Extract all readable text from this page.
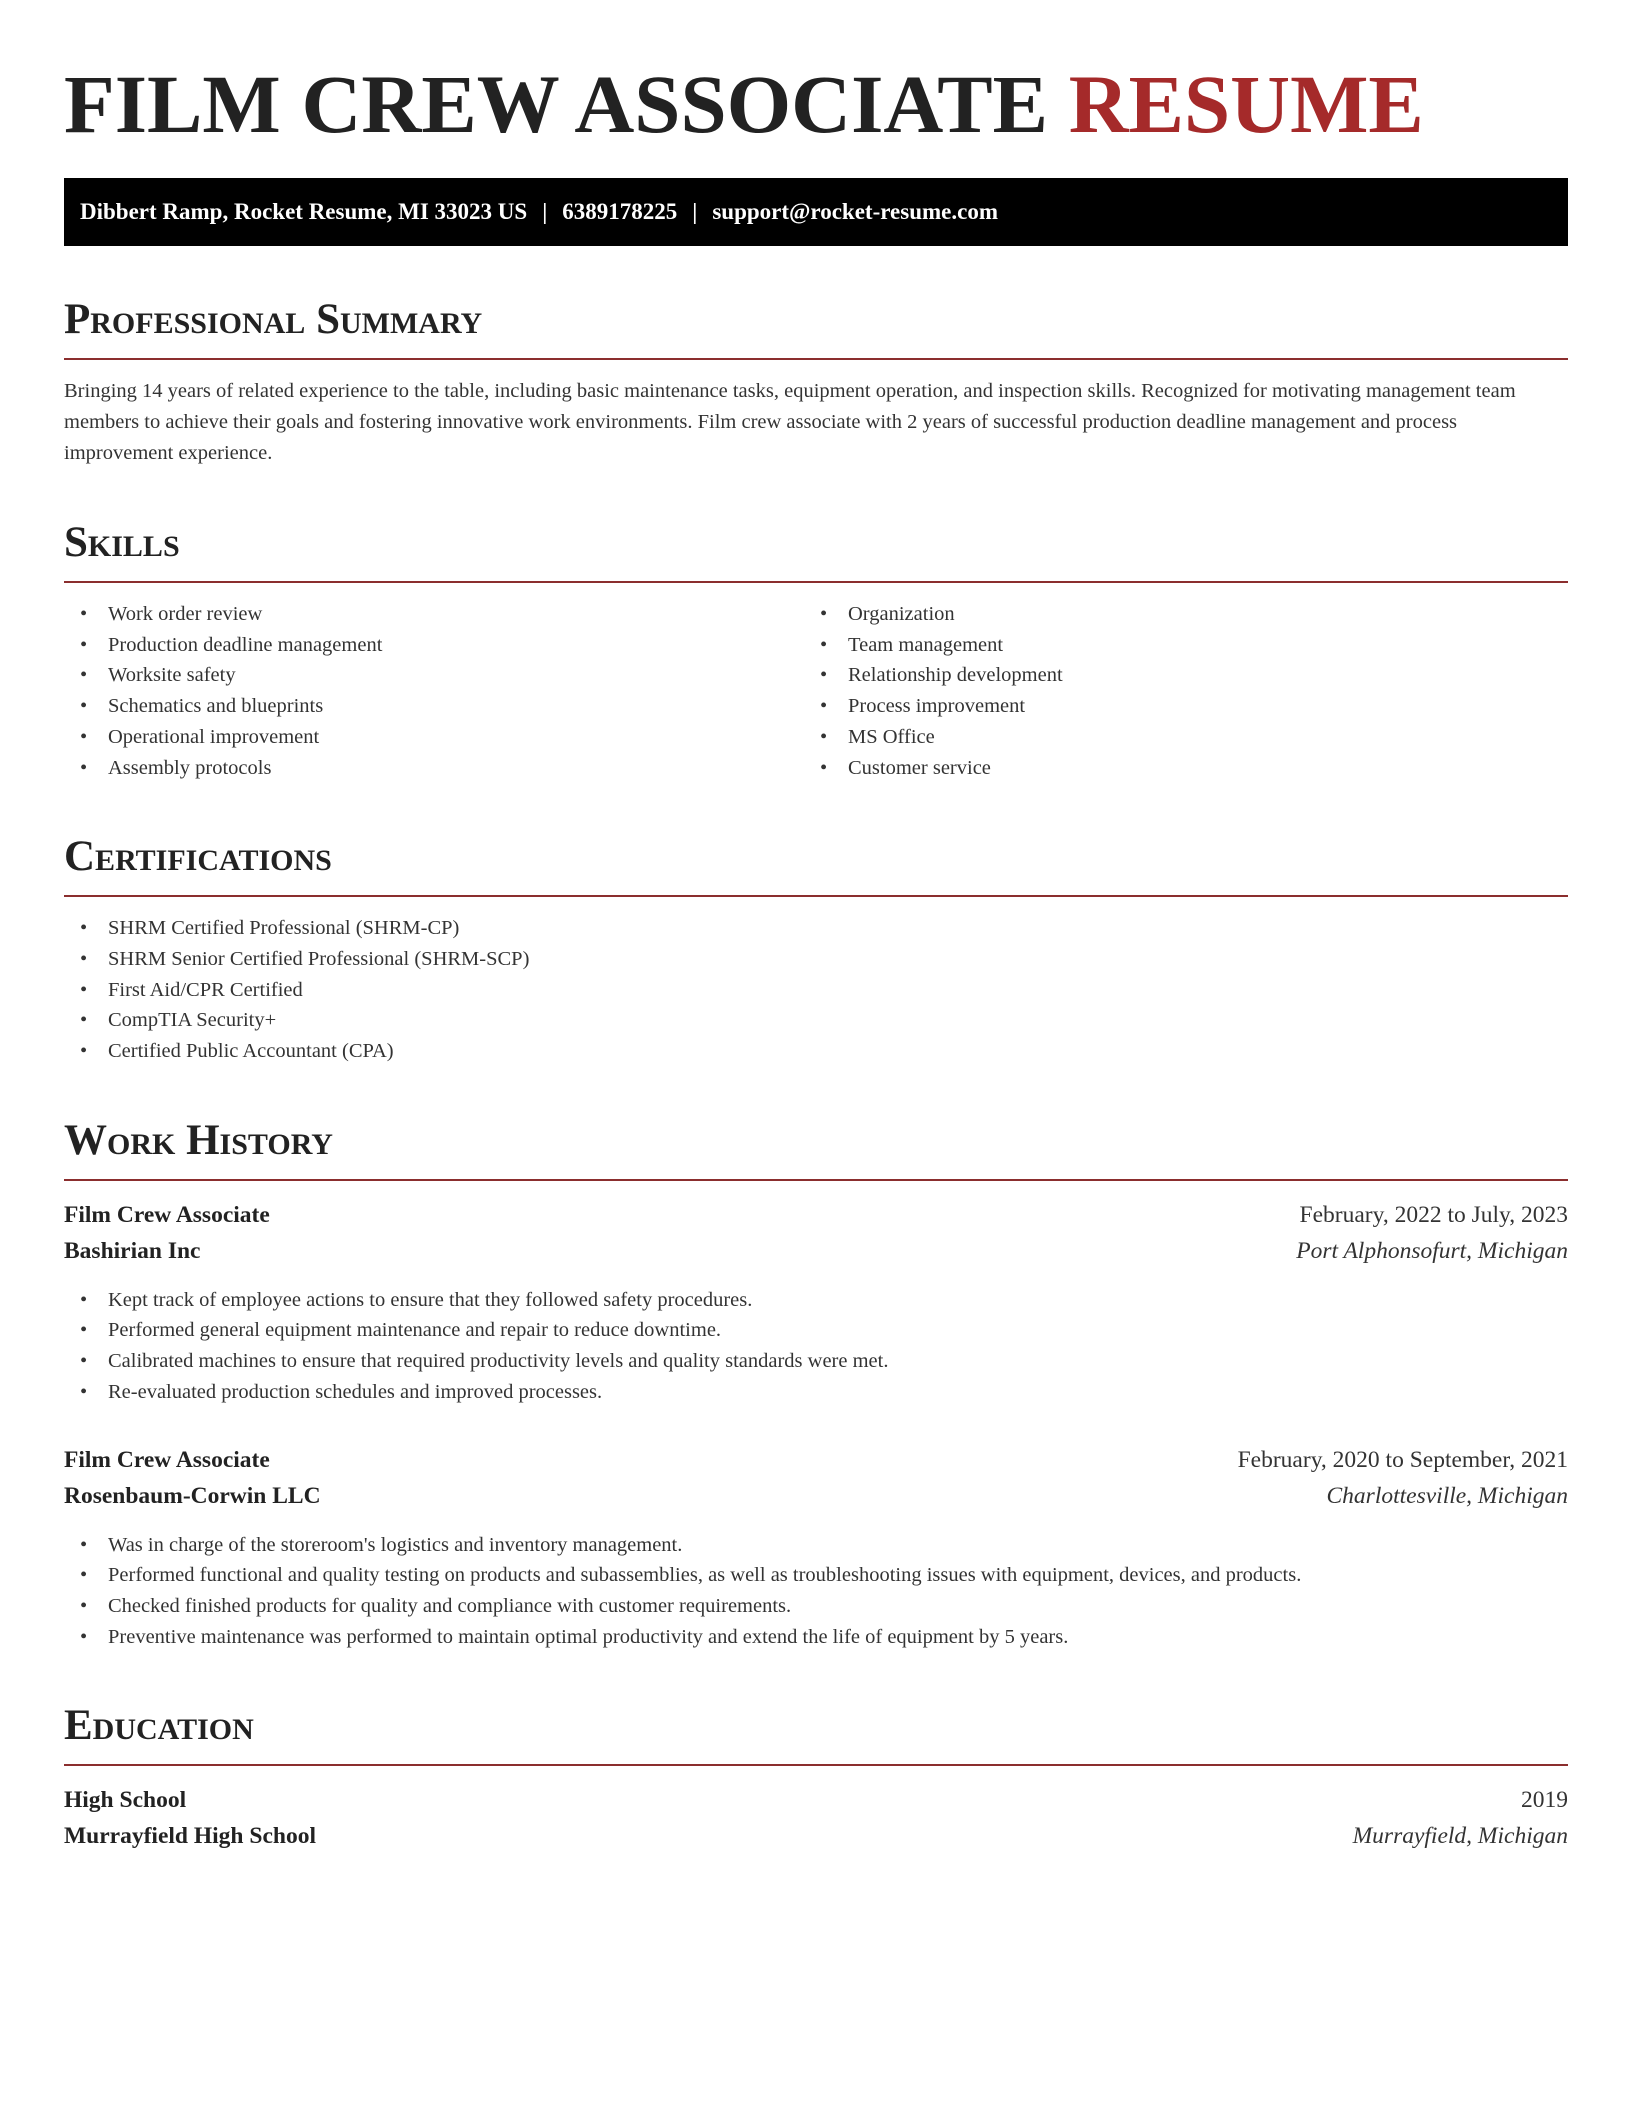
FILM CREW ASSOCIATE RESUME
Dibbert Ramp, Rocket Resume, MI 33023 US | 6389178225 | support@rocket-resume.com
Professional Summary

Bringing 14 years of related experience to the table, including basic maintenance tasks, equipment operation, and inspection skills. Recognized for motivating management team members to achieve their goals and fostering innovative work environments. Film crew associate with 2 years of successful production deadline management and process improvement experience.

Skills
• Work order review
• Production deadline management
• Worksite safety
• Schematics and blueprints
• Operational improvement
• Assembly protocols
• Organization
• Team management
• Relationship development
• Process improvement
• MS Office
• Customer service
Certifications
• SHRM Certified Professional (SHRM-CP)
• SHRM Senior Certified Professional (SHRM-SCP)
• First Aid/CPR Certified
• CompTIA Security+
• Certified Public Accountant (CPA)
Work History
Film Crew Associate	February, 2022 to July, 2023
Bashirian Inc	Port Alphonsofurt, Michigan
• Kept track of employee actions to ensure that they followed safety procedures.
• Performed general equipment maintenance and repair to reduce downtime.
• Calibrated machines to ensure that required productivity levels and quality standards were met.
• Re-evaluated production schedules and improved processes.
Film Crew Associate	February, 2020 to September, 2021
Rosenbaum-Corwin LLC	Charlottesville, Michigan
• Was in charge of the storeroom's logistics and inventory management.
• Performed functional and quality testing on products and subassemblies, as well as troubleshooting issues with equipment, devices, and products.
• Checked finished products for quality and compliance with customer requirements.
• Preventive maintenance was performed to maintain optimal productivity and extend the life of equipment by 5 years.
Education
High School	2019
Murrayfield High School	Murrayfield, Michigan
